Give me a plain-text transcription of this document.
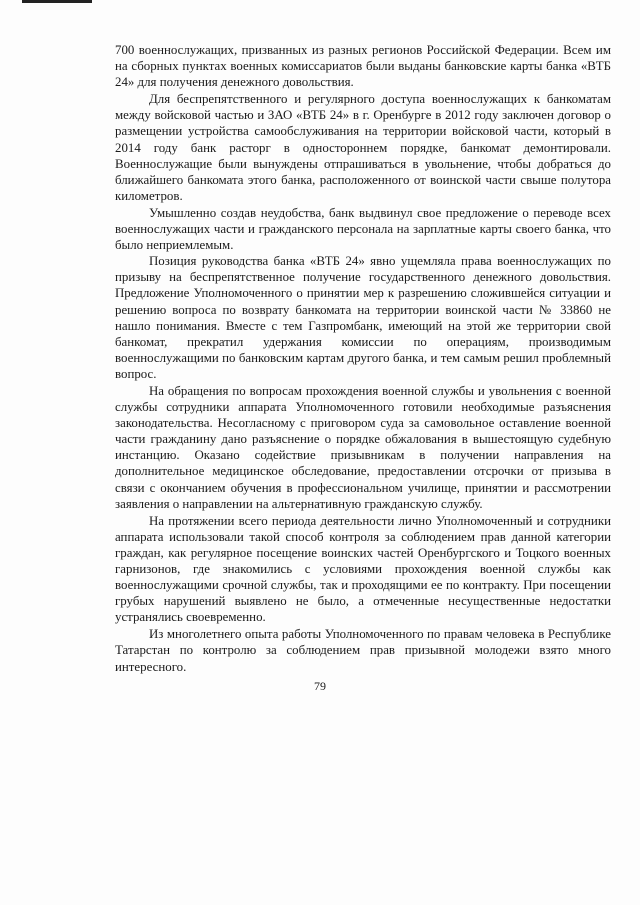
700 военнослужащих, призванных из разных регионов Российской Федерации. Всем им на сборных пунктах военных комиссариатов были выданы банковские карты банка «ВТБ 24» для получения денежного довольствия.

Для беспрепятственного и регулярного доступа военнослужащих к банкоматам между войсковой частью и ЗАО «ВТБ 24» в г. Оренбурге в 2012 году заключен договор о размещении устройства самообслуживания на территории войсковой части, который в 2014 году банк расторг в одностороннем порядке, банкомат демонтировали. Военнослужащие были вынуждены отпрашиваться в увольнение, чтобы добраться до ближайшего банкомата этого банка, расположенного от воинской части свыше полутора километров.

Умышленно создав неудобства, банк выдвинул свое предложение о переводе всех военнослужащих части и гражданского персонала на зарплатные карты своего банка, что было неприемлемым.

Позиция руководства банка «ВТБ 24» явно ущемляла права военнослужащих по призыву на беспрепятственное получение государственного денежного довольствия. Предложение Уполномоченного о принятии мер к разрешению сложившейся ситуации и решению вопроса по возврату банкомата на территории воинской части № 33860 не нашло понимания. Вместе с тем Газпромбанк, имеющий на этой же территории свой банкомат, прекратил удержания комиссии по операциям, производимым военнослужащими по банковским картам другого банка, и тем самым решил проблемный вопрос.

На обращения по вопросам прохождения военной службы и увольнения с военной службы сотрудники аппарата Уполномоченного готовили необходимые разъяснения законодательства. Несогласному с приговором суда за самовольное оставление военной части гражданину дано разъяснение о порядке обжалования в вышестоящую судебную инстанцию. Оказано содействие призывникам в получении направления на дополнительное медицинское обследование, предоставлении отсрочки от призыва в связи с окончанием обучения в профессиональном училище, принятии и рассмотрении заявления о направлении на альтернативную гражданскую службу.

На протяжении всего периода деятельности лично Уполномоченный и сотрудники аппарата использовали такой способ контроля за соблюдением прав данной категории граждан, как регулярное посещение воинских частей Оренбургского и Тоцкого военных гарнизонов, где знакомились с условиями прохождения военной службы как военнослужащими срочной службы, так и проходящими ее по контракту. При посещении грубых нарушений выявлено не было, а отмеченные несущественные недостатки устранялись своевременно.

Из многолетнего опыта работы Уполномоченного по правам человека в Республике Татарстан по контролю за соблюдением прав призывной молодежи взято много интересного.

79
